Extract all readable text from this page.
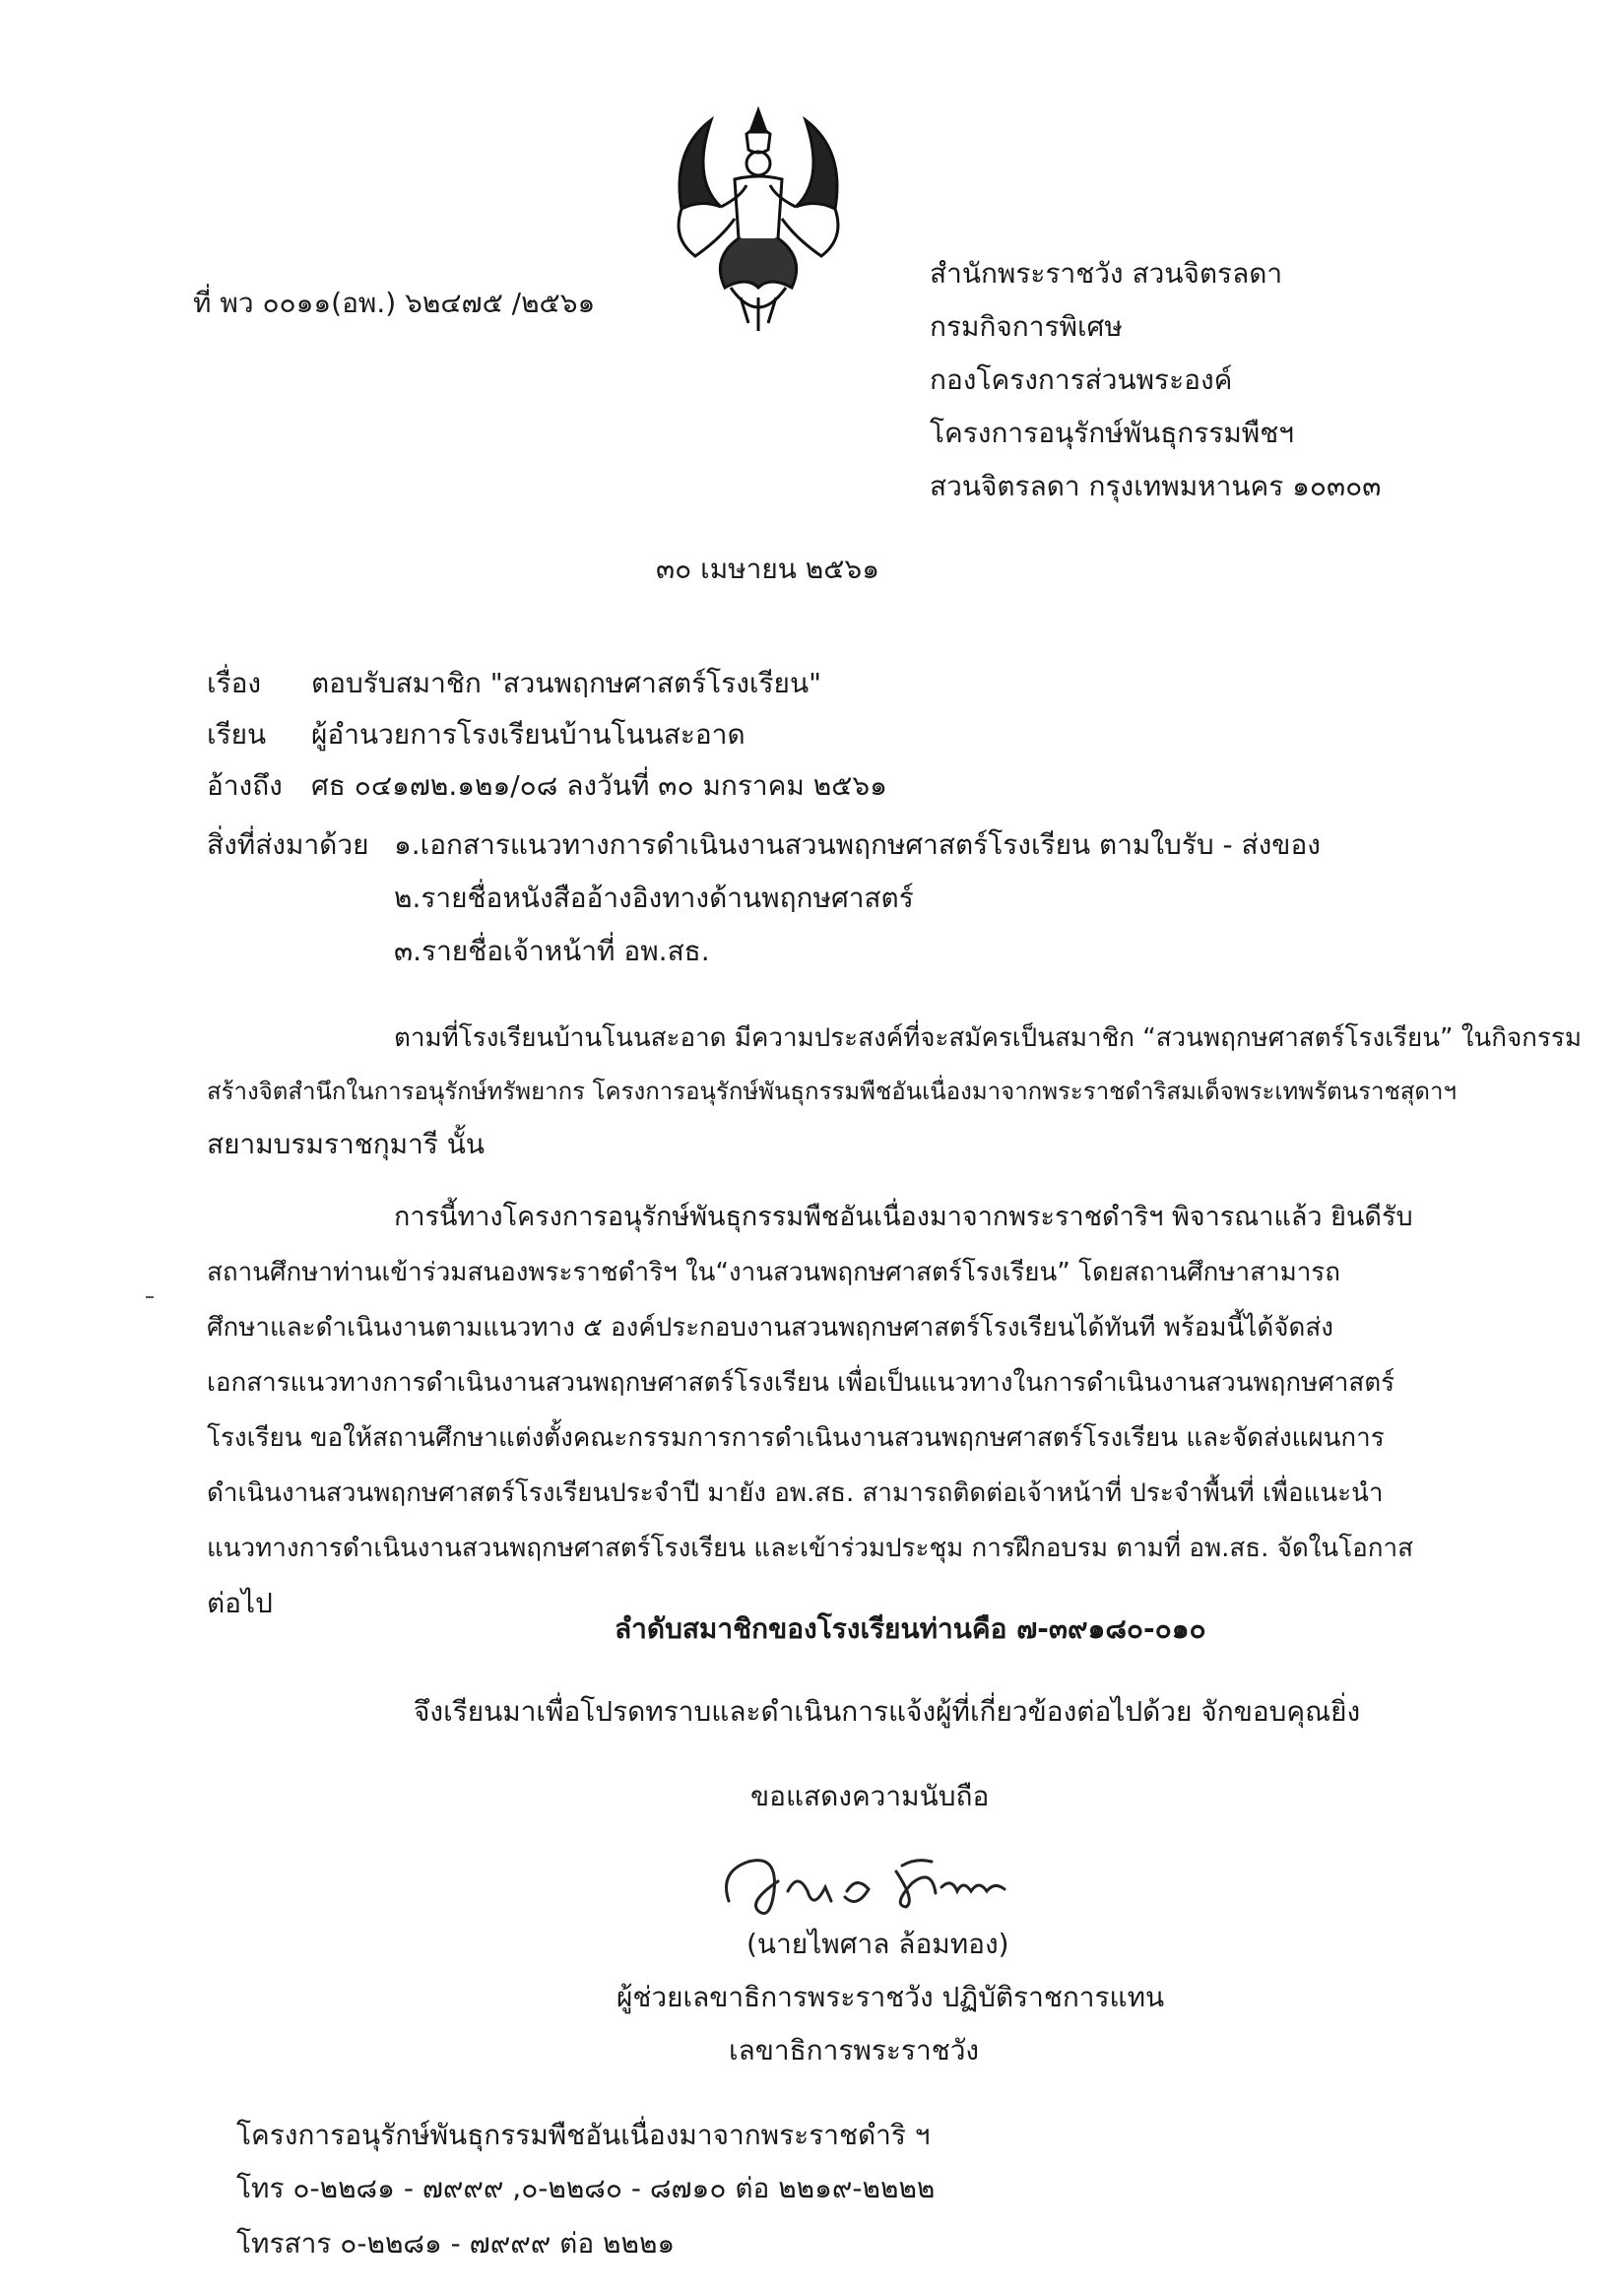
ที่ พว ๐๐๑๑(อพ.) ๖๒๔๗๕ /๒๕๖๑
สำนักพระราชวัง สวนจิตรลดา
กรมกิจการพิเศษ
กองโครงการส่วนพระองค์
โครงการอนุรักษ์พันธุกรรมพืชฯ
สวนจิตรลดา กรุงเทพมหานคร ๑๐๓๐๓
๓๐ เมษายน ๒๕๖๑
เรื่อง ตอบรับสมาชิก "สวนพฤกษศาสตร์โรงเรียน"
เรียน ผู้อำนวยการโรงเรียนบ้านโนนสะอาด
อ้างถึง ศธ ๐๔๑๗๒.๑๒๑/๐๘ ลงวันที่ ๓๐ มกราคม ๒๕๖๑
สิ่งที่ส่งมาด้วย ๑.เอกสารแนวทางการดำเนินงานสวนพฤกษศาสตร์โรงเรียน ตามใบรับ - ส่งของ
๒.รายชื่อหนังสืออ้างอิงทางด้านพฤกษศาสตร์
๓.รายชื่อเจ้าหน้าที่ อพ.สธ.
ตามที่โรงเรียนบ้านโนนสะอาด มีความประสงค์ที่จะสมัครเป็นสมาชิก “สวนพฤกษศาสตร์โรงเรียน” ในกิจกรรม
สร้างจิตสำนึกในการอนุรักษ์ทรัพยากร โครงการอนุรักษ์พันธุกรรมพืชอันเนื่องมาจากพระราชดำริสมเด็จพระเทพรัตนราชสุดาฯ
สยามบรมราชกุมารี นั้น
การนี้ทางโครงการอนุรักษ์พันธุกรรมพืชอันเนื่องมาจากพระราชดำริฯ พิจารณาแล้ว ยินดีรับ
สถานศึกษาท่านเข้าร่วมสนองพระราชดำริฯ ใน“งานสวนพฤกษศาสตร์โรงเรียน” โดยสถานศึกษาสามารถ
ศึกษาและดำเนินงานตามแนวทาง ๕ องค์ประกอบงานสวนพฤกษศาสตร์โรงเรียนได้ทันที พร้อมนี้ได้จัดส่ง
เอกสารแนวทางการดำเนินงานสวนพฤกษศาสตร์โรงเรียน เพื่อเป็นแนวทางในการดำเนินงานสวนพฤกษศาสตร์
โรงเรียน ขอให้สถานศึกษาแต่งตั้งคณะกรรมการการดำเนินงานสวนพฤกษศาสตร์โรงเรียน และจัดส่งแผนการ
ดำเนินงานสวนพฤกษศาสตร์โรงเรียนประจำปี มายัง อพ.สธ. สามารถติดต่อเจ้าหน้าที่ ประจำพื้นที่ เพื่อแนะนำ
แนวทางการดำเนินงานสวนพฤกษศาสตร์โรงเรียน และเข้าร่วมประชุม การฝึกอบรม ตามที่ อพ.สธ. จัดในโอกาส
ต่อไป
ลำดับสมาชิกของโรงเรียนท่านคือ ๗-๓๙๑๘๐-๐๑๐
จึงเรียนมาเพื่อโปรดทราบและดำเนินการแจ้งผู้ที่เกี่ยวข้องต่อไปด้วย จักขอบคุณยิ่ง
ขอแสดงความนับถือ
(นายไพศาล ล้อมทอง)
ผู้ช่วยเลขาธิการพระราชวัง ปฏิบัติราชการแทน
เลขาธิการพระราชวัง
โครงการอนุรักษ์พันธุกรรมพืชอันเนื่องมาจากพระราชดำริ ฯ
โทร ๐-๒๒๘๑ - ๗๙๙๙ ,๐-๒๒๘๐ - ๘๗๑๐ ต่อ ๒๒๑๙-๒๒๒๒
โทรสาร ๐-๒๒๘๑ - ๗๙๙๙ ต่อ ๒๒๒๑
